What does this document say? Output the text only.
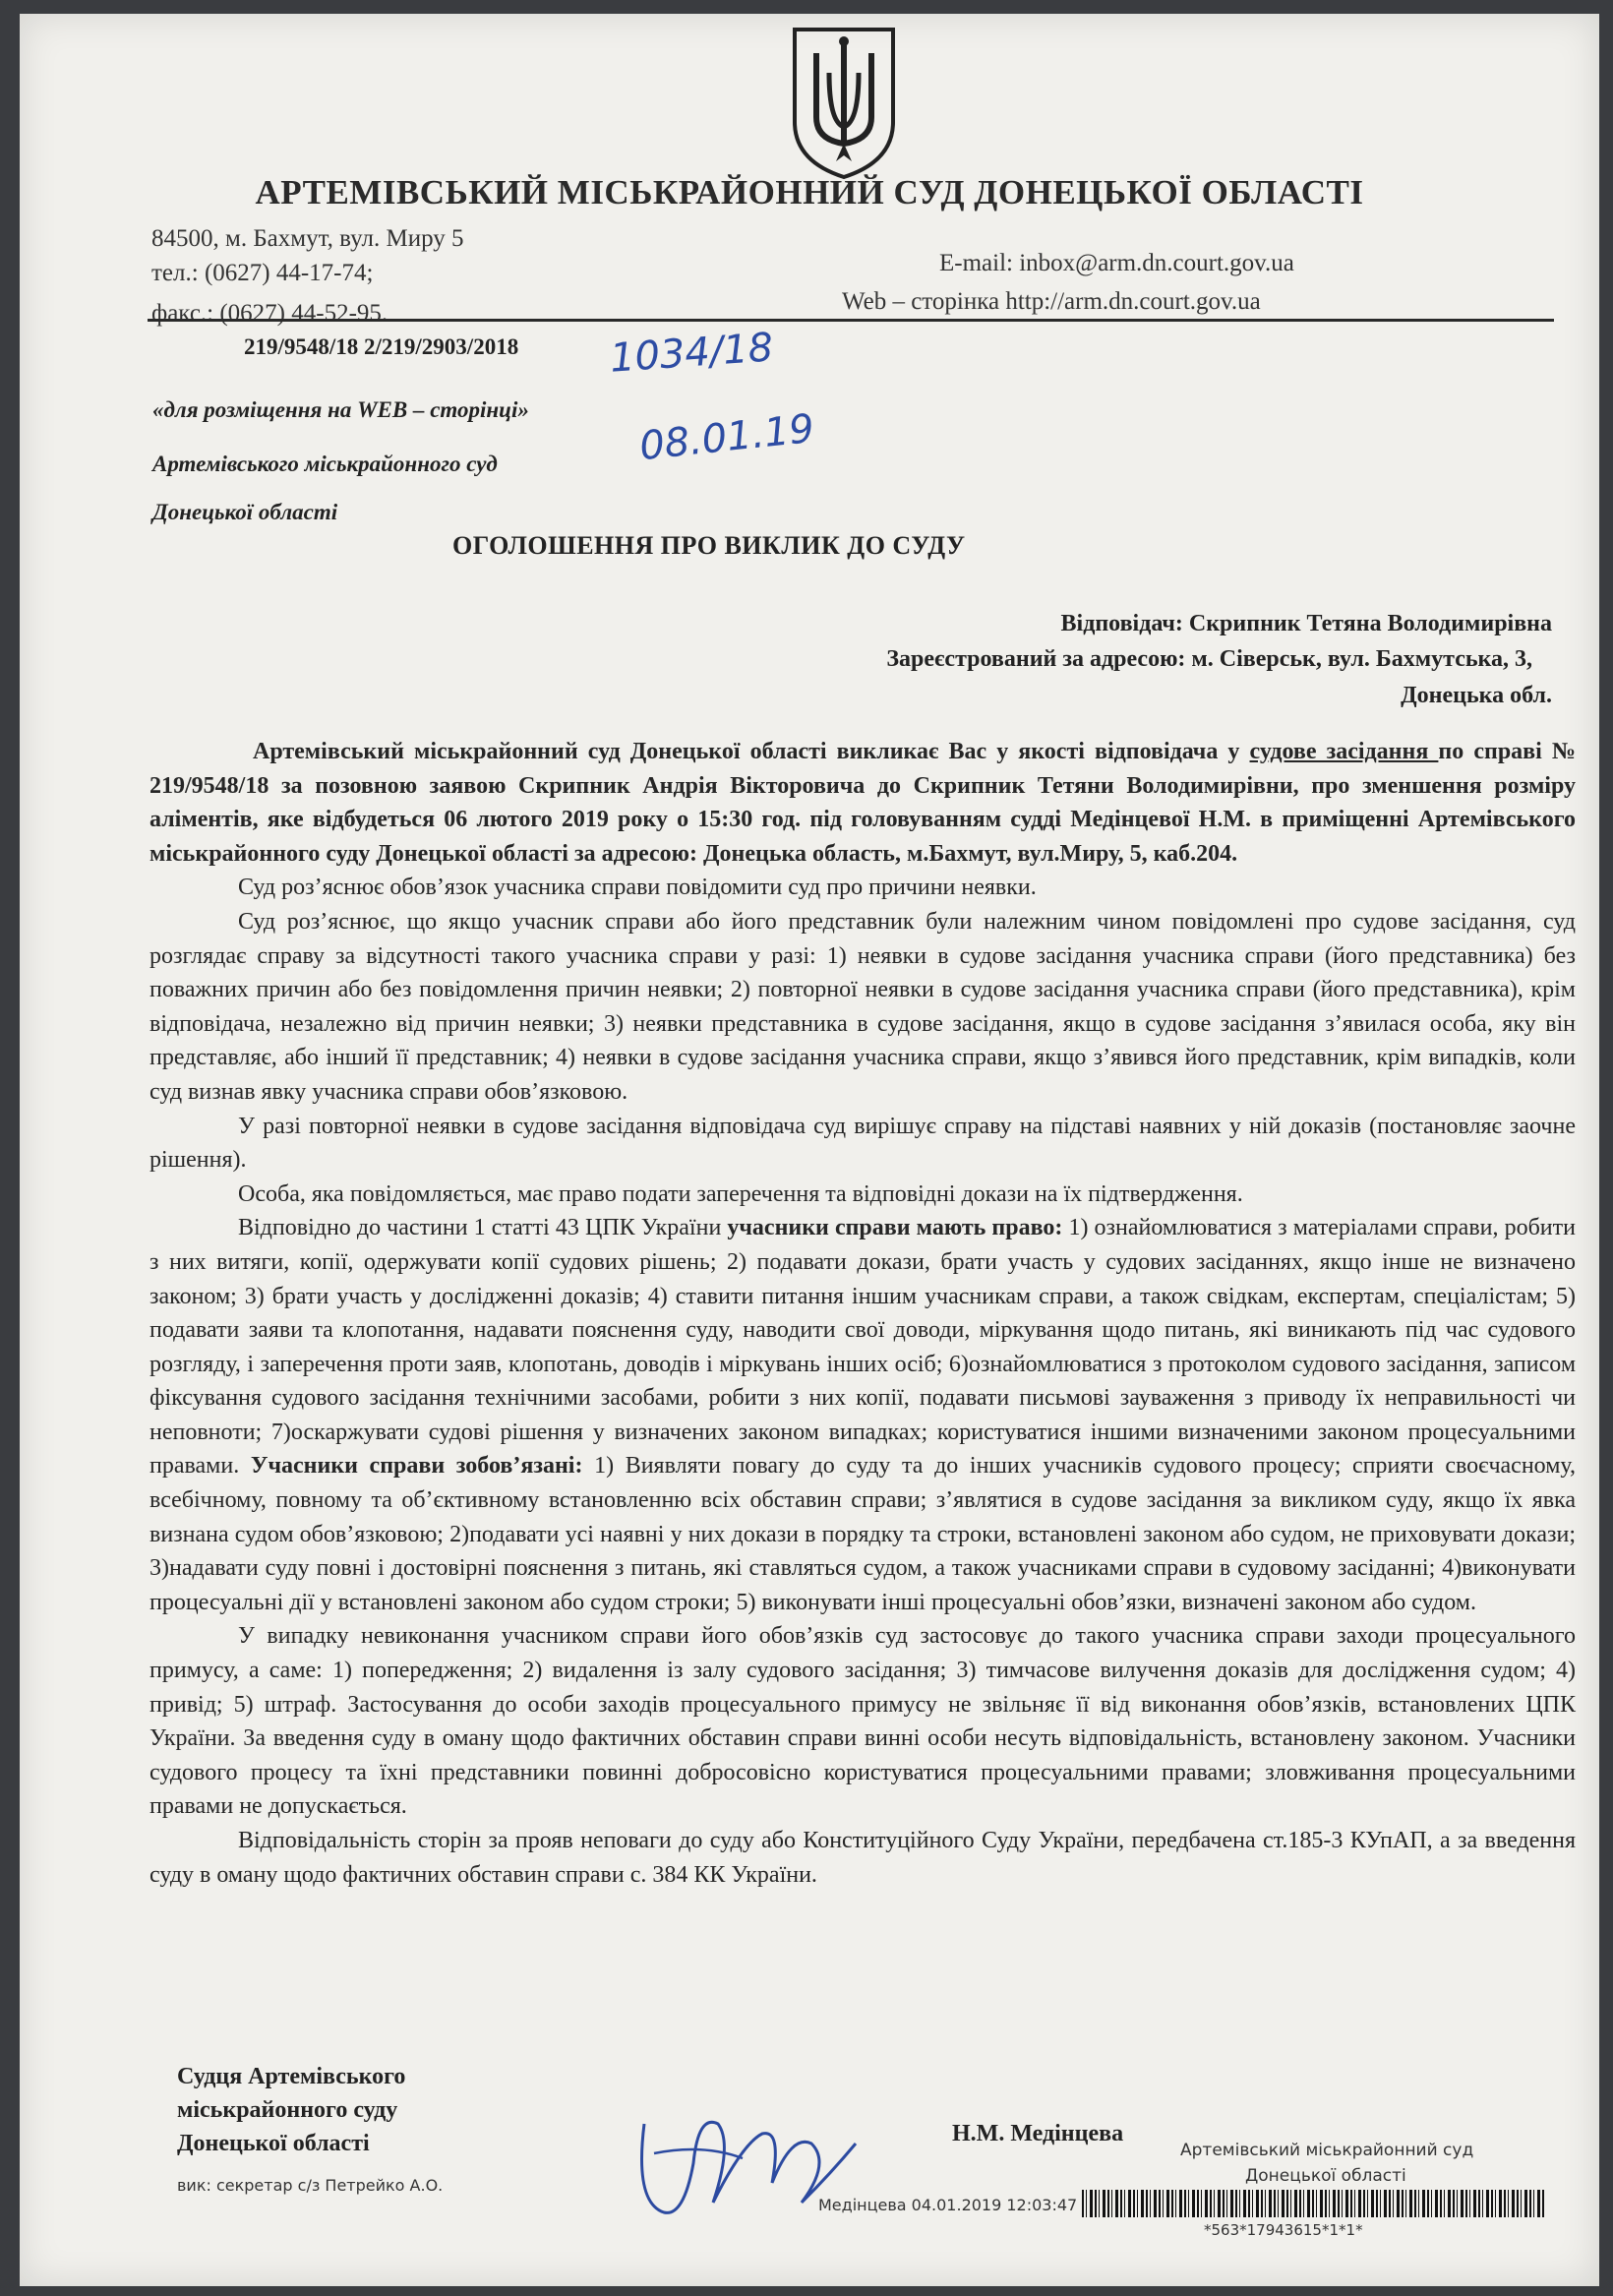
АРТЕМІВСЬКИЙ МІСЬКРАЙОННИЙ СУД ДОНЕЦЬКОЇ ОБЛАСТІ
84500, м. Бахмут, вул. Миру 5
тел.: (0627) 44-17-74;
факс.: (0627) 44-52-95.
E-mail: inbox@arm.dn.court.gov.ua
Web – сторінка http://arm.dn.court.gov.ua
219/9548/18 2/219/2903/2018 1034/18
08.01.19
«для розміщення на WEB – сторінці»
Артемівського міськрайонного суд
Донецької області
ОГОЛОШЕННЯ ПРО ВИКЛИК ДО СУДУ
Відповідач: Скрипник Тетяна Володимирівна
Зареєстрований за адресою: м. Сіверськ, вул. Бахмутська, 3,
Донецька обл.

Артемівський міськрайонний суд Донецької області викликає Вас у якості відповідача у судове засідання по справі № 219/9548/18 за позовною заявою Скрипник Андрія Вікторовича до Скрипник Тетяни Володимирівни, про зменшення розміру аліментів, яке відбудеться 06 лютого 2019 року о 15:30 год. під головуванням судді Медінцевої Н.М. в приміщенні Артемівського міськрайонного суду Донецької області за адресою: Донецька область, м.Бахмут, вул.Миру, 5, каб.204.

Суд роз’яснює обов’язок учасника справи повідомити суд про причини неявки.

Суд роз’яснює, що якщо учасник справи або його представник були належним чином повідомлені про судове засідання, суд розглядає справу за відсутності такого учасника справи у разі: 1) неявки в судове засідання учасника справи (його представника) без поважних причин або без повідомлення причин неявки; 2) повторної неявки в судове засідання учасника справи (його представника), крім відповідача, незалежно від причин неявки; 3) неявки представника в судове засідання, якщо в судове засідання з’явилася особа, яку він представляє, або інший її представник; 4) неявки в судове засідання учасника справи, якщо з’явився його представник, крім випадків, коли суд визнав явку учасника справи обов’язковою.

У разі повторної неявки в судове засідання відповідача суд вирішує справу на підставі наявних у ній доказів (постановляє заочне рішення).

Особа, яка повідомляється, має право подати заперечення та відповідні докази на їх підтвердження.

Відповідно до частини 1 статті 43 ЦПК України учасники справи мають право: 1) ознайомлюватися з матеріалами справи, робити з них витяги, копії, одержувати копії судових рішень; 2) подавати докази, брати участь у судових засіданнях, якщо інше не визначено законом; 3) брати участь у дослідженні доказів; 4) ставити питання іншим учасникам справи, а також свідкам, експертам, спеціалістам; 5) подавати заяви та клопотання, надавати пояснення суду, наводити свої доводи, міркування щодо питань, які виникають під час судового розгляду, і заперечення проти заяв, клопотань, доводів і міркувань інших осіб; 6)ознайомлюватися з протоколом судового засідання, записом фіксування судового засідання технічними засобами, робити з них копії, подавати письмові зауваження з приводу їх неправильності чи неповноти; 7)оскаржувати судові рішення у визначених законом випадках; користуватися іншими визначеними законом процесуальними правами. Учасники справи зобов’язані: 1) Виявляти повагу до суду та до інших учасників судового процесу; сприяти своєчасному, всебічному, повному та об’єктивному встановленню всіх обставин справи; з’являтися в судове засідання за викликом суду, якщо їх явка визнана судом обов’язковою; 2)подавати усі наявні у них докази в порядку та строки, встановлені законом або судом, не приховувати докази; 3)надавати суду повні і достовірні пояснення з питань, які ставляться судом, а також учасниками справи в судовому засіданні; 4)виконувати процесуальні дії у встановлені законом або судом строки; 5) виконувати інші процесуальні обов’язки, визначені законом або судом.

У випадку невиконання учасником справи його обов’язків суд застосовує до такого учасника справи заходи процесуального примусу, а саме: 1) попередження; 2) видалення із залу судового засідання; 3) тимчасове вилучення доказів для дослідження судом; 4) привід; 5) штраф. Застосування до особи заходів процесуального примусу не звільняє її від виконання обов’язків, встановлених ЦПК України. За введення суду в оману щодо фактичних обставин справи винні особи несуть відповідальність, встановлену законом. Учасники судового процесу та їхні представники повинні добросовісно користуватися процесуальними правами; зловживання процесуальними правами не допускається.

Відповідальність сторін за прояв неповаги до суду або Конституційного Суду України, передбачена ст.185-3 КУпАП, а за введення суду в оману щодо фактичних обставин справи с. 384 КК України.

Судця Артемівського
міськрайонного суду
Донецької області	Н.М. Медінцева
вик: секретар с/з Петрейко А.О.
Артемівський міськрайонний суд
Донецької області
Медінцева 04.01.2019 12:03:47
*563*17943615*1*1*
